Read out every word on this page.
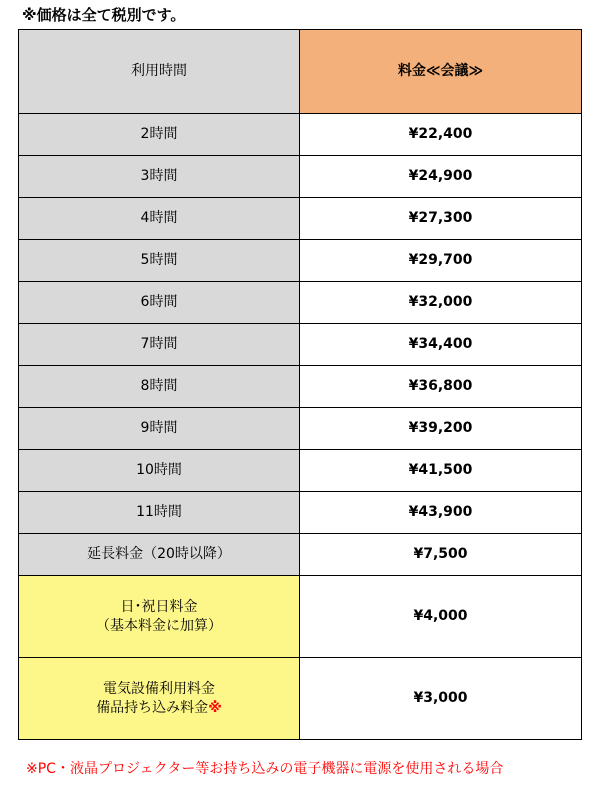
※価格は全て税別です。
利用時間	料金≪会議≫
2時間	¥22,400
3時間	¥24,900
4時間	¥27,300
5時間	¥29,700
6時間	¥32,000
7時間	¥34,400
8時間	¥36,800
9時間	¥39,200
10時間	¥41,500
11時間	¥43,900
延長料金（20時以降）	¥7,500

日･祝日料金
（基本料金に加算）	¥4,000

電気設備利用料金
備品持ち込み料金※	¥3,000
※PC・液晶プロジェクター等お持ち込みの電子機器に電源を使用される場合
